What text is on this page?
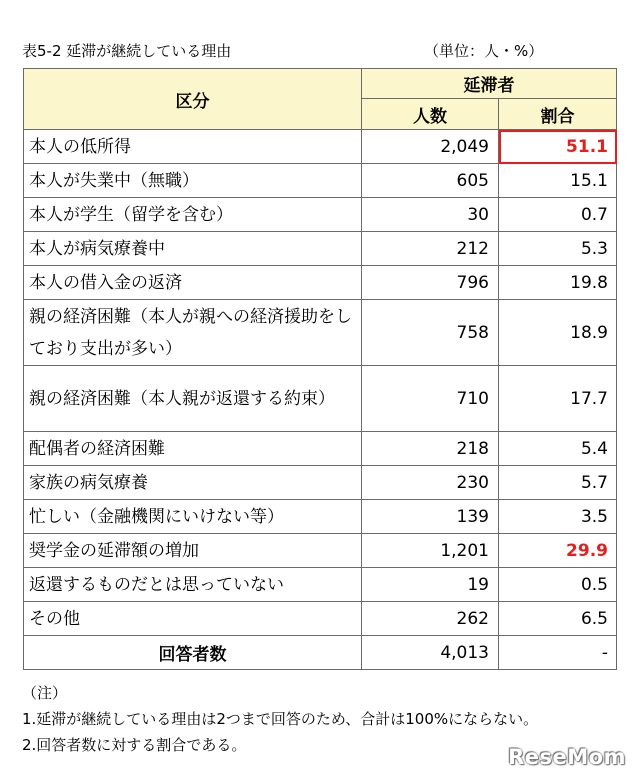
表5-2 延滞が継続している理由	（単位：人・%）
区分	延滞者	
	人数	割合
本人の低所得	2,049	51.1
本人が失業中（無職）	605	15.1
本人が学生（留学を含む）	30	0.7
本人が病気療養中	212	5.3
本人の借入金の返済	796	19.8
親の経済困難（本人が親への経済援助をしており支出が多い）	758	18.9
親の経済困難（本人親が返還する約束）	710	17.7
配偶者の経済困難	218	5.4
家族の病気療養	230	5.7
忙しい（金融機関にいけない等）	139	3.5
奨学金の延滞額の増加	1,201	29.9
返還するものだとは思っていない	19	0.5
その他	262	6.5
回答者数	4,013	-
（注）
1.延滞が継続している理由は2つまで回答のため、合計は100%にならない。
2.回答者数に対する割合である。	ReseMom
